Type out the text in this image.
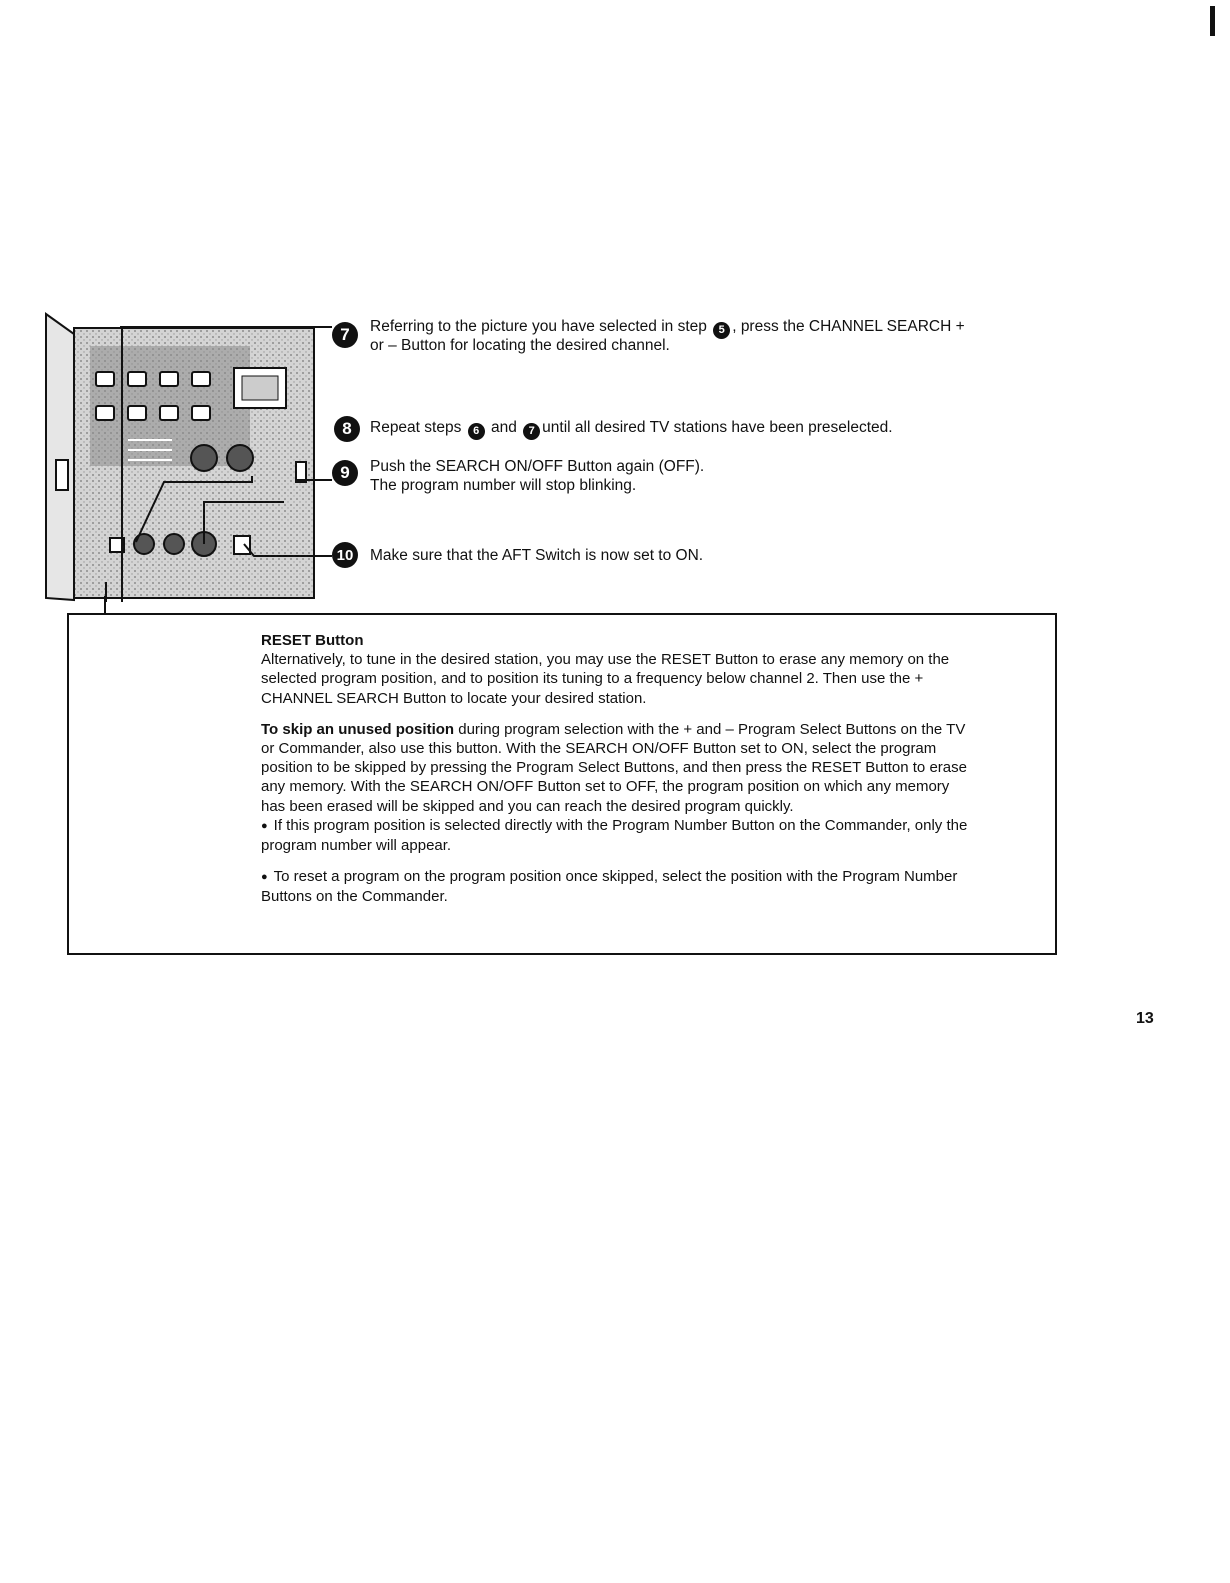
7	Referring to the picture you have selected in step 5 , press the CHANNEL SEARCH +
or – Button for locating the desired channel.
8	Repeat steps 6 and 7 until all desired TV stations have been preselected.
9	Push the SEARCH ON/OFF Button again (OFF).
The program number will stop blinking.
10	Make sure that the AFT Switch is now set to ON.

RESET Button

Alternatively, to tune in the desired station, you may use the RESET Button to erase any memory on the selected program position, and to position its tuning to a frequency below channel 2. Then use the + CHANNEL SEARCH Button to locate your desired station.

To skip an unused position during program selection with the + and – Program Select Buttons on the TV or Commander, also use this button. With the SEARCH ON/OFF Button set to ON, select the program position to be skipped by pressing the Program Select Buttons, and then press the RESET Button to erase any memory. With the SEARCH ON/OFF Button set to OFF, the program position on which any memory has been erased will be skipped and you can reach the desired program quickly.

● If this program position is selected directly with the Program Number Button on the Commander, only the program number will appear.

● To reset a program on the program position once skipped, select the position with the Program Number Buttons on the Commander.

13
